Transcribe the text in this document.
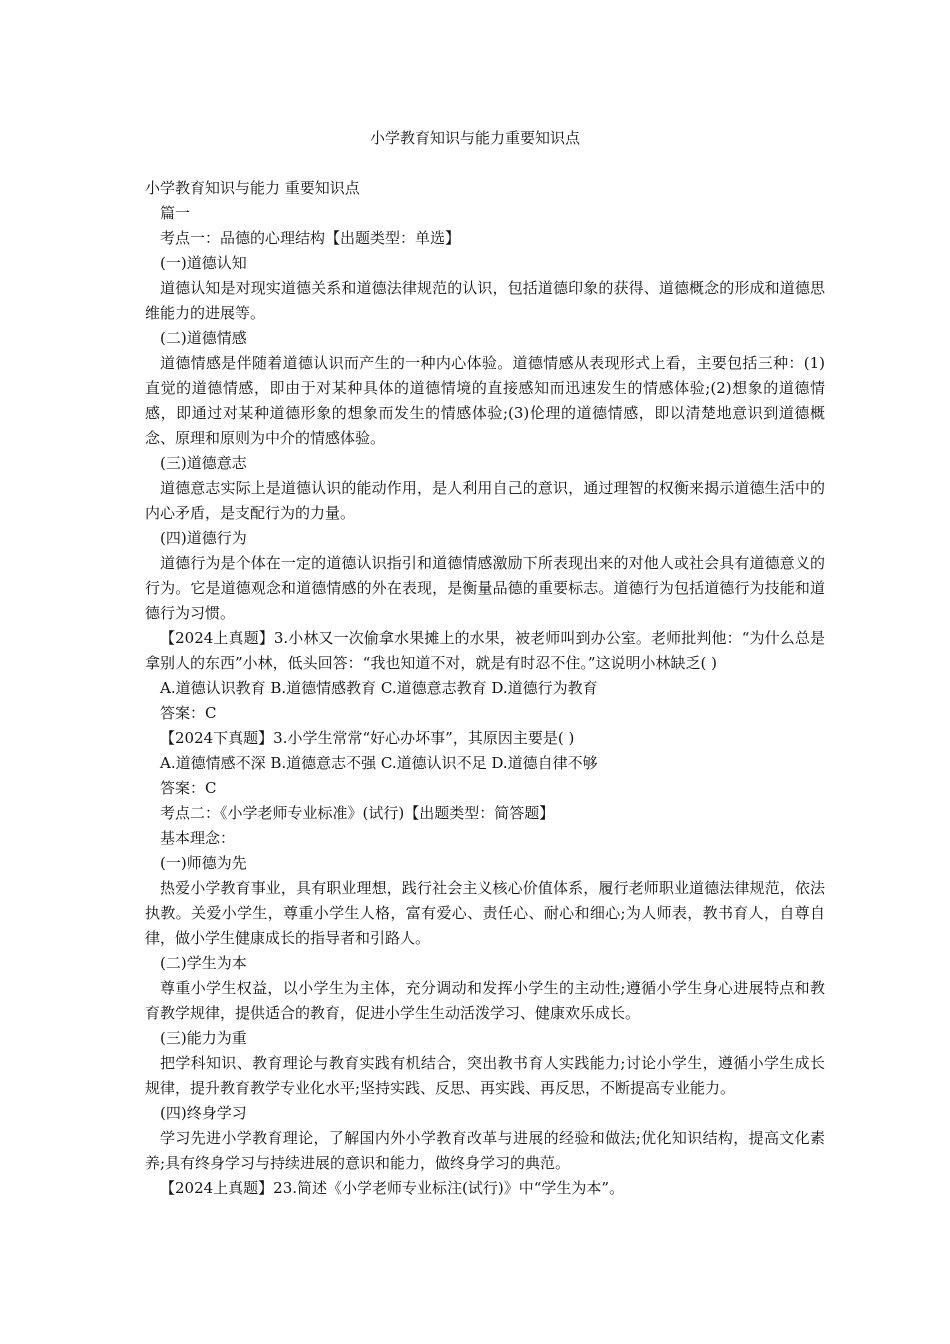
小学教育知识与能力重要知识点
小学教育知识与能力 重要知识点
篇一
考点一：品德的心理结构【出题类型：单选】
(一)道德认知
道德认知是对现实道德关系和道德法律规范的认识，包括道德印象的获得、道德概念的形成和道德思维能力的进展等。
(二)道德情感
道德情感是伴随着道德认识而产生的一种内心体验。道德情感从表现形式上看，主要包括三种：(1)直觉的道德情感，即由于对某种具体的道德情境的直接感知而迅速发生的情感体验;(2)想象的道德情感，即通过对某种道德形象的想象而发生的情感体验;(3)伦理的道德情感，即以清楚地意识到道德概念、原理和原则为中介的情感体验。
(三)道德意志
道德意志实际上是道德认识的能动作用，是人利用自己的意识，通过理智的权衡来揭示道德生活中的内心矛盾，是支配行为的力量。
(四)道德行为
道德行为是个体在一定的道德认识指引和道德情感激励下所表现出来的对他人或社会具有道德意义的行为。它是道德观念和道德情感的外在表现，是衡量品德的重要标志。道德行为包括道德行为技能和道德行为习惯。
【2024上真题】3.小林又一次偷拿水果摊上的水果，被老师叫到办公室。老师批判他：“为什么总是拿别人的东西”小林，低头回答：“我也知道不对，就是有时忍不住。”这说明小林缺乏( )
A.道德认识教育 B.道德情感教育 C.道德意志教育 D.道德行为教育
答案：C
【2024下真题】3.小学生常常“好心办坏事”，其原因主要是( )
A.道德情感不深 B.道德意志不强 C.道德认识不足 D.道德自律不够
答案：C
考点二：《小学老师专业标准》(试行)【出题类型：简答题】
基本理念：
(一)师德为先
热爱小学教育事业，具有职业理想，践行社会主义核心价值体系，履行老师职业道德法律规范，依法执教。关爱小学生，尊重小学生人格，富有爱心、责任心、耐心和细心;为人师表，教书育人，自尊自律，做小学生健康成长的指导者和引路人。
(二)学生为本
尊重小学生权益，以小学生为主体，充分调动和发挥小学生的主动性;遵循小学生身心进展特点和教育教学规律，提供适合的教育，促进小学生生动活泼学习、健康欢乐成长。
(三)能力为重
把学科知识、教育理论与教育实践有机结合，突出教书育人实践能力;讨论小学生，遵循小学生成长规律，提升教育教学专业化水平;坚持实践、反思、再实践、再反思，不断提高专业能力。
(四)终身学习
学习先进小学教育理论，了解国内外小学教育改革与进展的经验和做法;优化知识结构，提高文化素养;具有终身学习与持续进展的意识和能力，做终身学习的典范。
【2024上真题】23.简述《小学老师专业标注(试行)》中“学生为本”。
